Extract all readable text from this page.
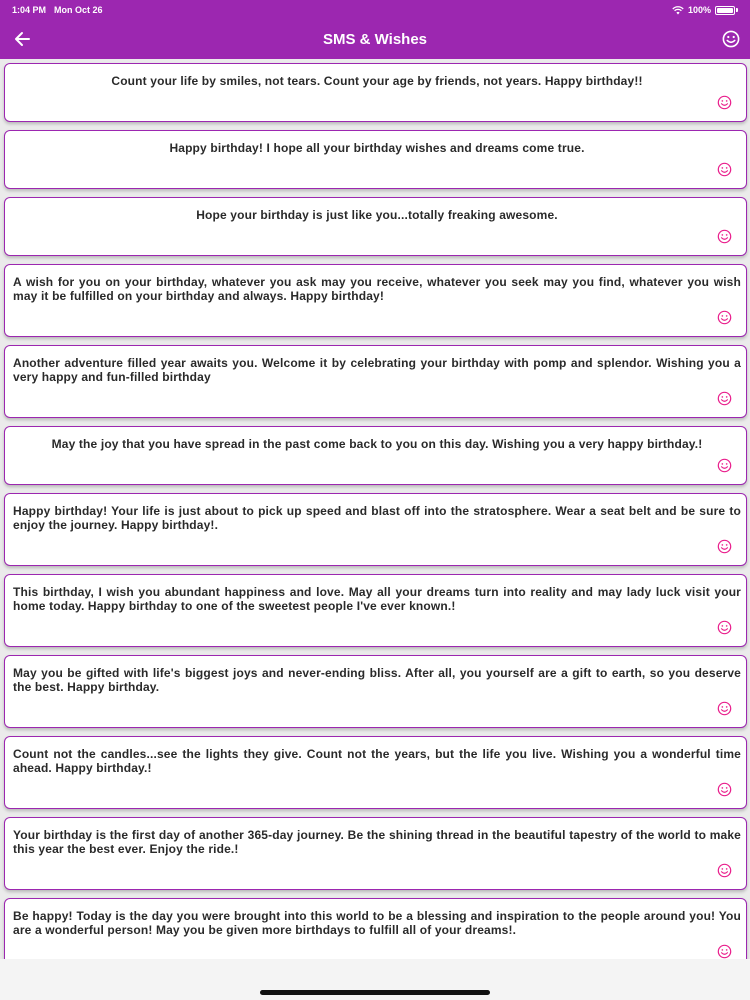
1:04 PM Mon Oct 26	100%
SMS & Wishes
Count your life by smiles, not tears. Count your age by friends, not years. Happy birthday!!
Happy birthday! I hope all your birthday wishes and dreams come true.
Hope your birthday is just like you...totally freaking awesome.
A wish for you on your birthday, whatever you ask may you receive, whatever you seek may you find, whatever you wish may it be fulfilled on your birthday and always. Happy birthday!
Another adventure filled year awaits you. Welcome it by celebrating your birthday with pomp and splendor. Wishing you a very happy and fun-filled birthday
May the joy that you have spread in the past come back to you on this day. Wishing you a very happy birthday.!
Happy birthday! Your life is just about to pick up speed and blast off into the stratosphere. Wear a seat belt and be sure to enjoy the journey. Happy birthday!.
This birthday, I wish you abundant happiness and love. May all your dreams turn into reality and may lady luck visit your home today. Happy birthday to one of the sweetest people I've ever known.!
May you be gifted with life's biggest joys and never-ending bliss. After all, you yourself are a gift to earth, so you deserve the best. Happy birthday.
Count not the candles...see the lights they give. Count not the years, but the life you live. Wishing you a wonderful time ahead. Happy birthday.!
Your birthday is the first day of another 365-day journey. Be the shining thread in the beautiful tapestry of the world to make this year the best ever. Enjoy the ride.!
Be happy! Today is the day you were brought into this world to be a blessing and inspiration to the people around you! You are a wonderful person! May you be given more birthdays to fulfill all of your dreams!.
